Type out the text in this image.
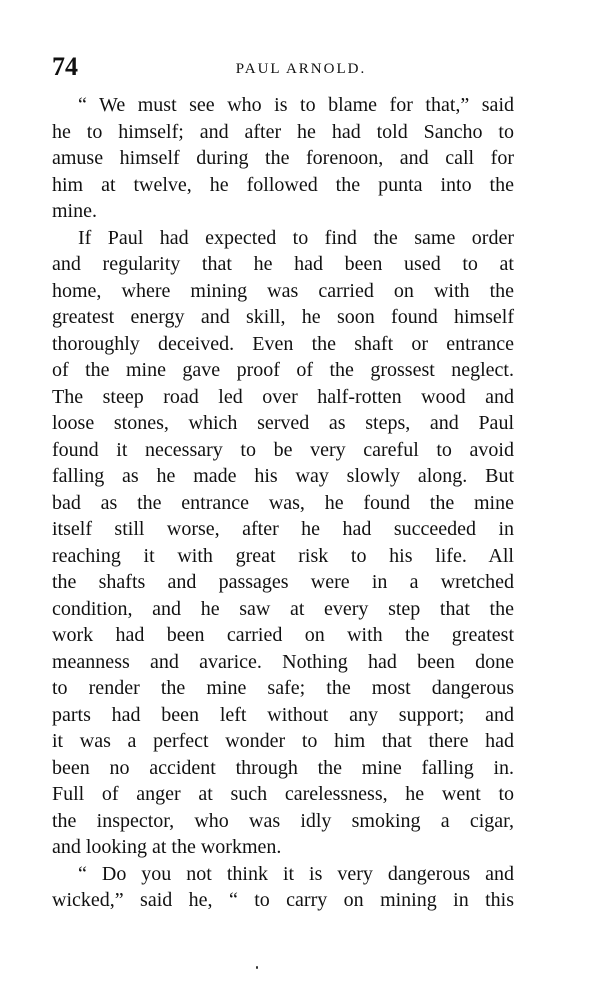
74	PAUL ARNOLD.
“ We must see who is to blame for that,” said
he to himself; and after he had told Sancho to
amuse himself during the forenoon, and call for
him at twelve, he followed the punta into the
mine.
If Paul had expected to find the same order
and regularity that he had been used to at
home, where mining was carried on with the
greatest energy and skill, he soon found himself
thoroughly deceived. Even the shaft or entrance
of the mine gave proof of the grossest neglect.
The steep road led over half-rotten wood and
loose stones, which served as steps, and Paul
found it necessary to be very careful to avoid
falling as he made his way slowly along. But
bad as the entrance was, he found the mine
itself still worse, after he had succeeded in
reaching it with great risk to his life. All
the shafts and passages were in a wretched
condition, and he saw at every step that the
work had been carried on with the greatest
meanness and avarice. Nothing had been done
to render the mine safe; the most dangerous
parts had been left without any support; and
it was a perfect wonder to him that there had
been no accident through the mine falling in.
Full of anger at such carelessness, he went to
the inspector, who was idly smoking a cigar,
and looking at the workmen.
“ Do you not think it is very dangerous and
wicked,” said he, “ to carry on mining in this
